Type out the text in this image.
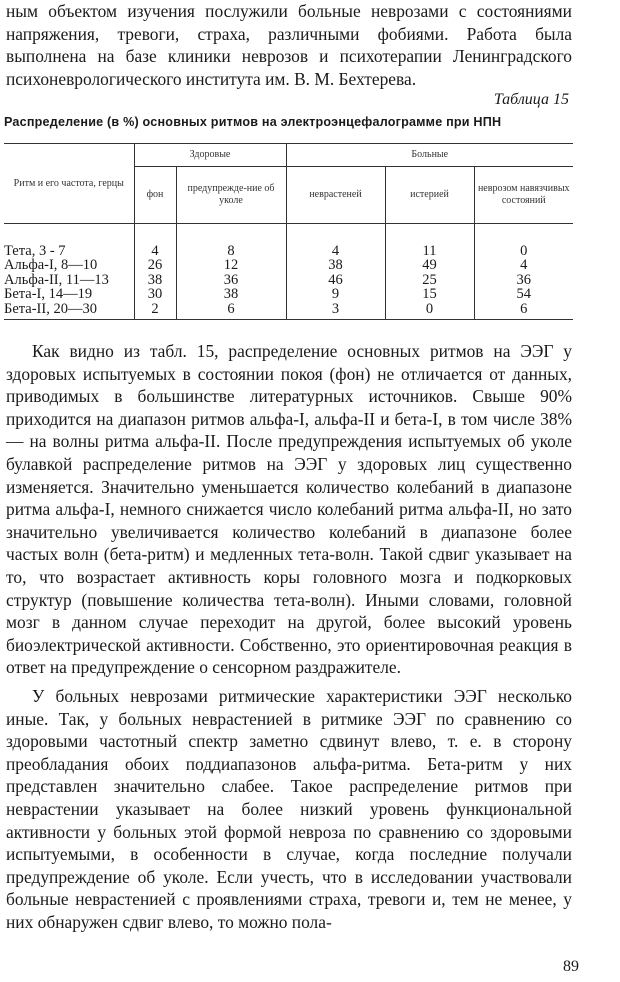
ным объектом изучения послужили больные неврозами с состояниями напряжения, тревоги, страха, различными фобиями. Работа была выполнена на базе клиники неврозов и психотерапии Ленинградского психоневрологического института им. В. М. Бехтерева.

Таблица 15

Распределение (в %) основных ритмов на электроэнцефалограмме при НПН

Ритм и его частота, герцы	Здоровые		Больные		
	фон	предупрежде-ние об уколе	неврастеней	истерией	неврозом навязчивых состояний
Тета, 3 - 7	4	8	4	11	0
Альфа-I, 8—10	26	12	38	49	4
Альфа-II, 11—13	38	36	46	25	36
Бета-I, 14—19	30	38	9	15	54
Бета-II, 20—30	2	6	3	0	6

Как видно из табл. 15, распределение основных ритмов на ЭЭГ у здоровых испытуемых в состоянии покоя (фон) не отличается от данных, приводимых в большинстве литературных источников. Свыше 90% приходится на диапазон ритмов альфа-I, альфа-II и бета-I, в том числе 38% — на волны ритма альфа-II. После предупреждения испытуемых об уколе булавкой распределение ритмов на ЭЭГ у здоровых лиц существенно изменяется. Значительно уменьшается количество колебаний в диапазоне ритма альфа-I, немного снижается число колебаний ритма альфа-II, но зато значительно увеличивается количество колебаний в диапазоне более частых волн (бета-ритм) и медленных тета-волн. Такой сдвиг указывает на то, что возрастает активность коры головного мозга и подкорковых структур (повышение количества тета-волн). Иными словами, головной мозг в данном случае переходит на другой, более высокий уровень биоэлектрической активности. Собственно, это ориентировочная реакция в ответ на предупреждение о сенсорном раздражителе.

У больных неврозами ритмические характеристики ЭЭГ несколько иные. Так, у больных неврастенией в ритмике ЭЭГ по сравнению со здоровыми частотный спектр заметно сдвинут влево, т. е. в сторону преобладания обоих поддиапазонов альфа-ритма. Бета-ритм у них представлен значительно слабее. Такое распределение ритмов при неврастении указывает на более низкий уровень функциональной активности у больных этой формой невроза по сравнению со здоровыми испытуемыми, в особенности в случае, когда последние получали предупреждение об уколе. Если учесть, что в исследовании участвовали больные неврастенией с проявлениями страха, тревоги и, тем не менее, у них обнаружен сдвиг влево, то можно пола-

89
